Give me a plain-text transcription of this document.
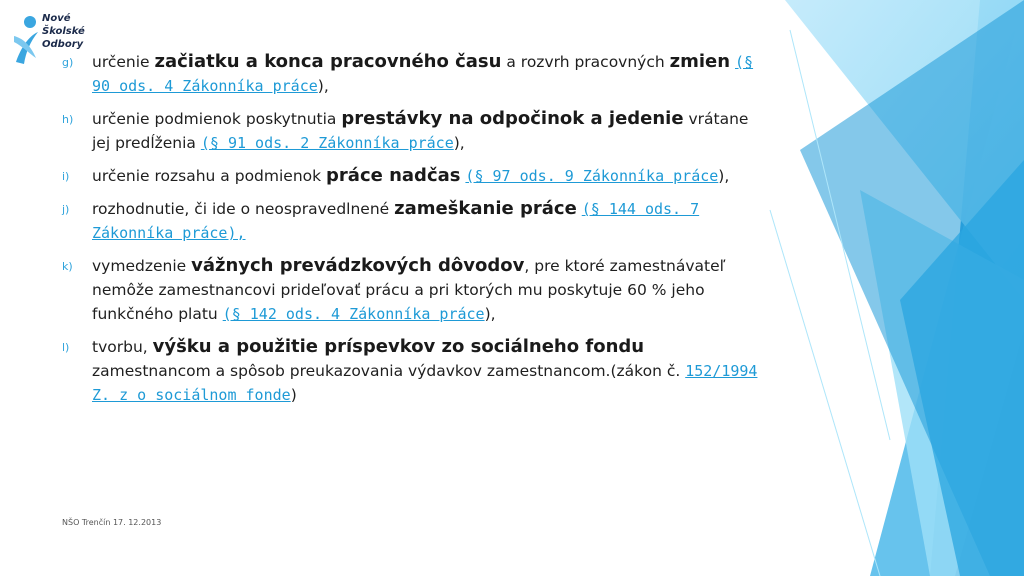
Nové
Školské
Odbory
g) určenie začiatku a konca pracovného času a rozvrh pracovných zmien (§ 90 ods. 4 Zákonníka práce),
h) určenie podmienok poskytnutia prestávky na odpočinok a jedenie vrátane jej predĺženia (§ 91 ods. 2 Zákonníka práce),
i) určenie rozsahu a podmienok práce nadčas (§ 97 ods. 9 Zákonníka práce),
j) rozhodnutie, či ide o neospravedlnené zameškanie práce (§ 144 ods. 7 Zákonníka práce),
k) vymedzenie vážnych prevádzkových dôvodov, pre ktoré zamestnávateľ nemôže zamestnancovi prideľovať prácu a pri ktorých mu poskytuje 60 % jeho funkčného platu (§ 142 ods. 4 Zákonníka práce),
l) tvorbu, výšku a použitie príspevkov zo sociálneho fondu zamestnancom a spôsob preukazovania výdavkov zamestnancom.(zákon č. 152/1994 Z. z o sociálnom fonde)
NŠO Trenčín 17. 12.2013
